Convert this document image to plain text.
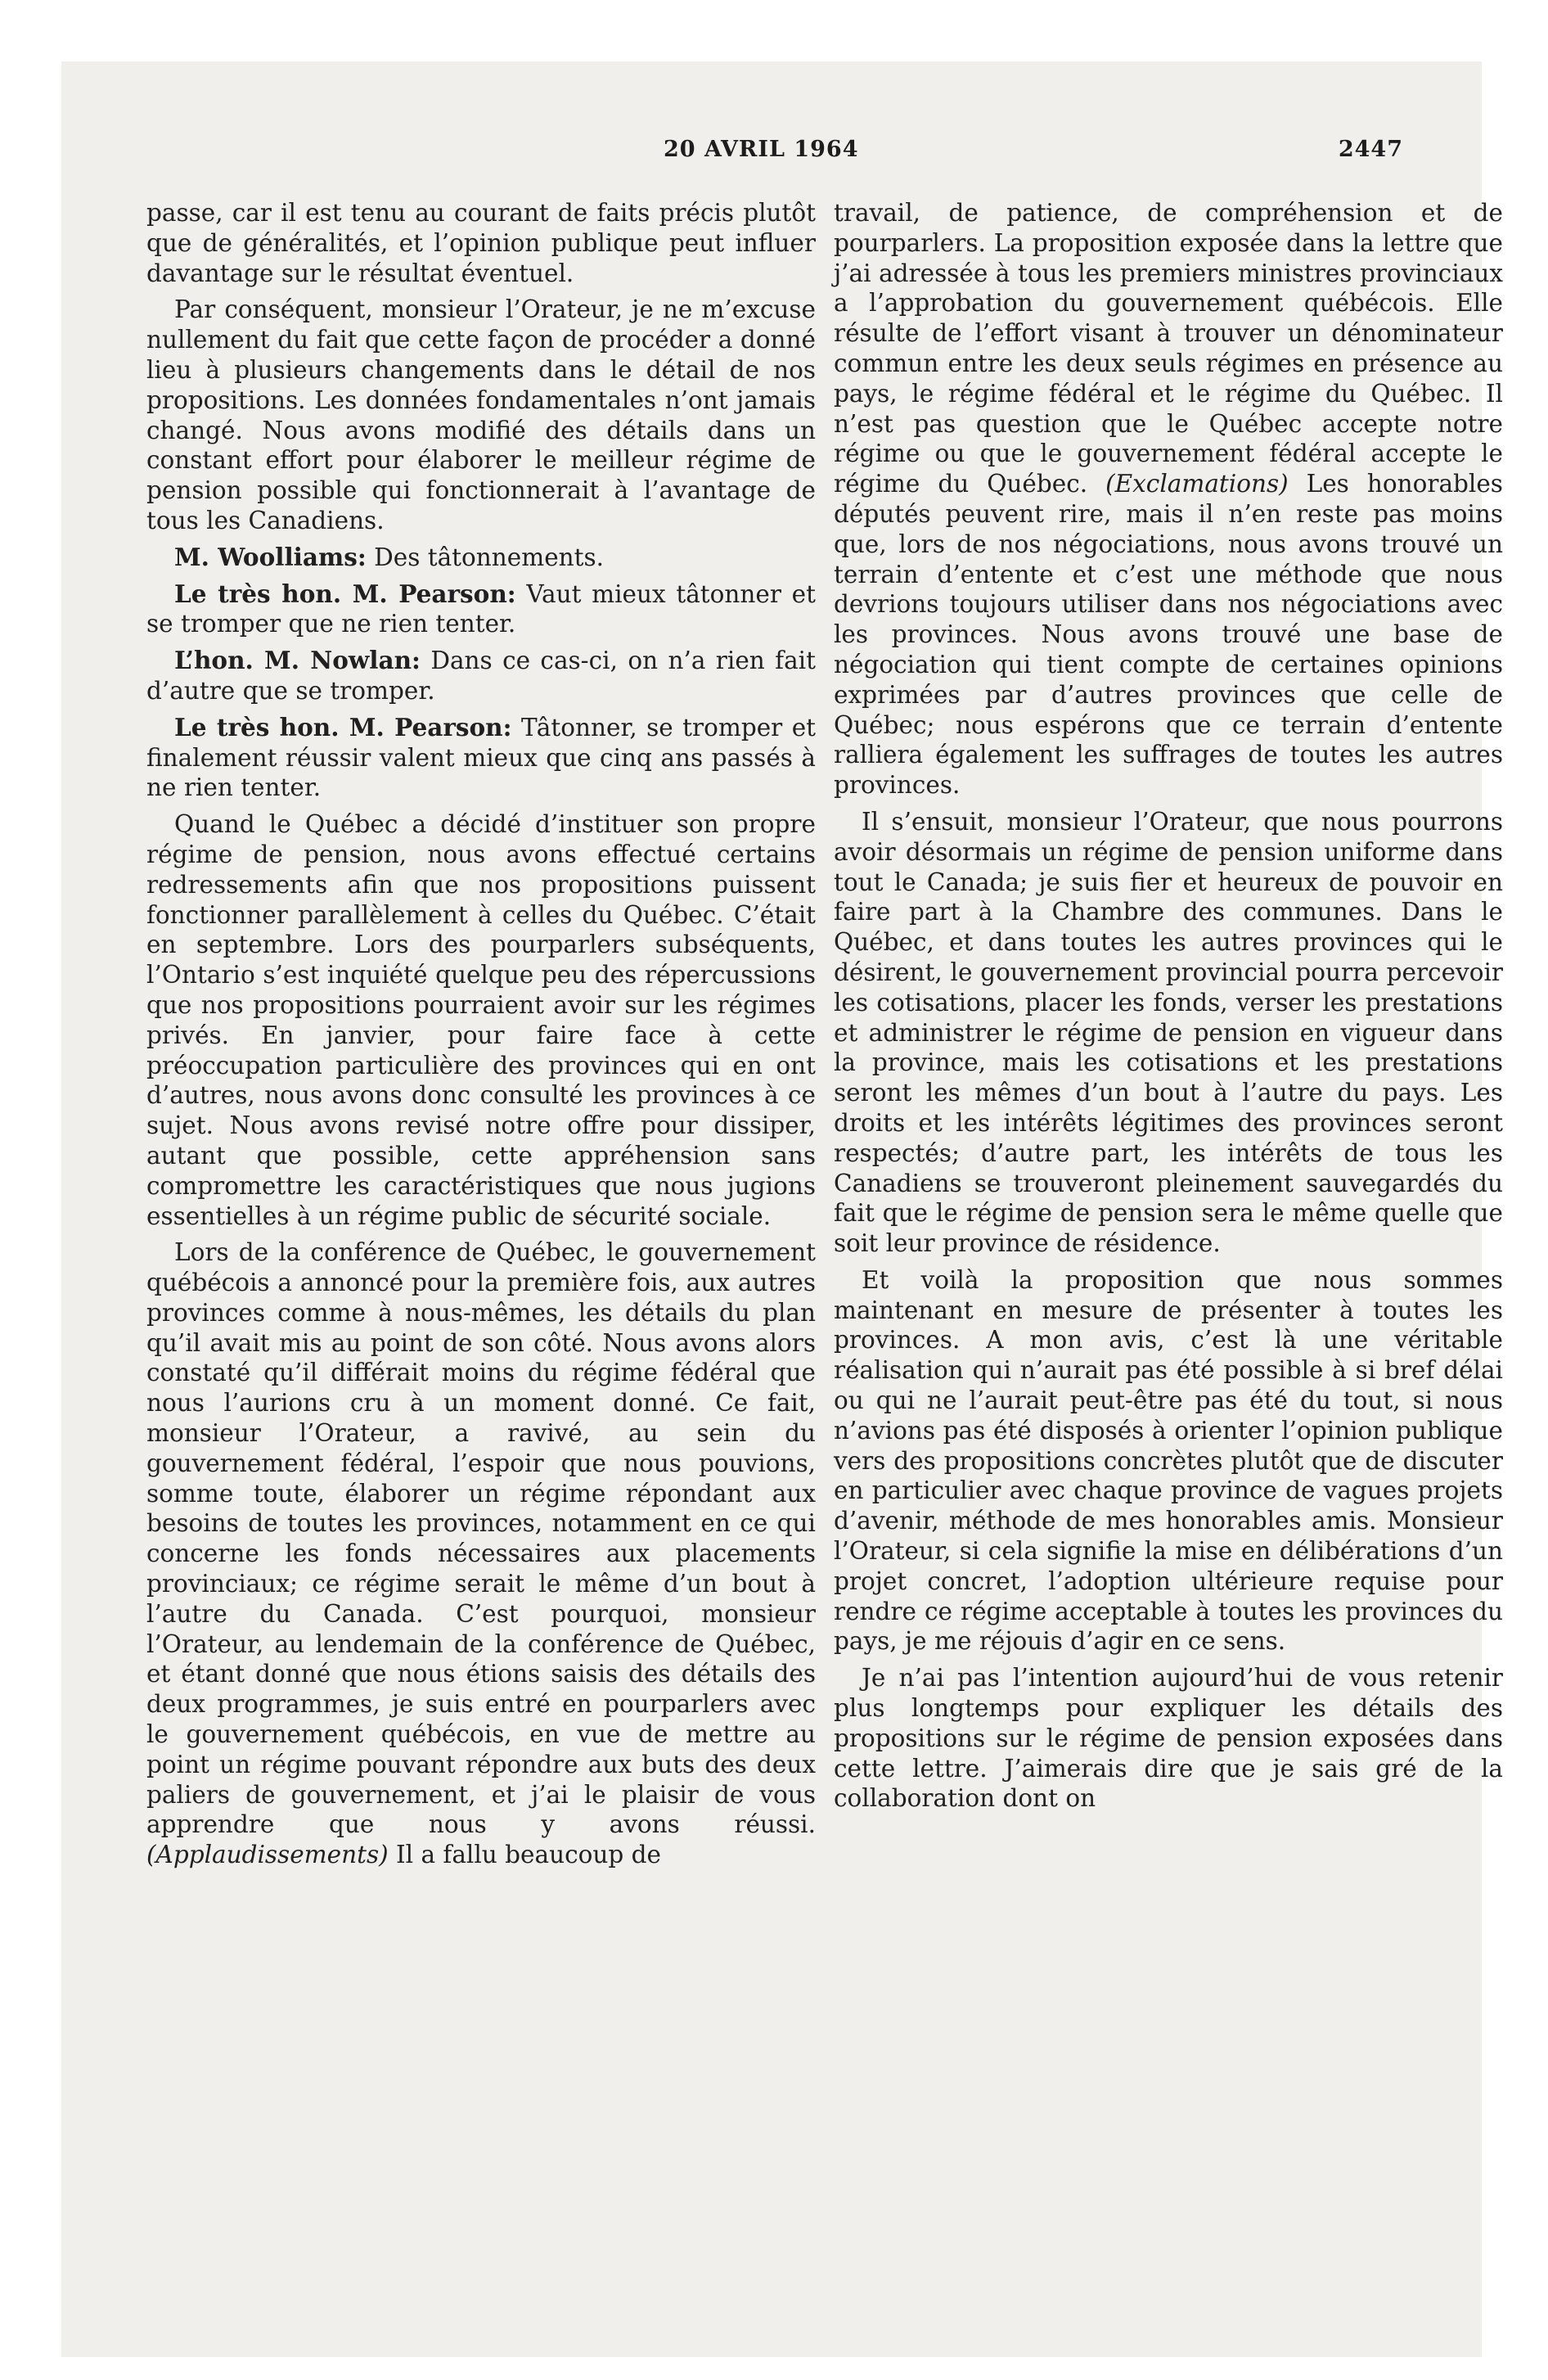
20 AVRIL 1964	2447

passe, car il est tenu au courant de faits précis plutôt que de généralités, et l’opinion publique peut influer davantage sur le résultat éventuel.

Par conséquent, monsieur l’Orateur, je ne m’excuse nullement du fait que cette façon de procéder a donné lieu à plusieurs changements dans le détail de nos propositions. Les données fondamentales n’ont jamais changé. Nous avons modifié des détails dans un constant effort pour élaborer le meilleur régime de pension possible qui fonctionnerait à l’avantage de tous les Canadiens.

M. Woolliams: Des tâtonnements.

Le très hon. M. Pearson: Vaut mieux tâtonner et se tromper que ne rien tenter.

L’hon. M. Nowlan: Dans ce cas-ci, on n’a rien fait d’autre que se tromper.

Le très hon. M. Pearson: Tâtonner, se tromper et finalement réussir valent mieux que cinq ans passés à ne rien tenter.

Quand le Québec a décidé d’instituer son propre régime de pension, nous avons effectué certains redressements afin que nos propositions puissent fonctionner parallèlement à celles du Québec. C’était en septembre. Lors des pourparlers subséquents, l’Ontario s’est inquiété quelque peu des répercussions que nos propositions pourraient avoir sur les régimes privés. En janvier, pour faire face à cette préoccupation particulière des provinces qui en ont d’autres, nous avons donc consulté les provinces à ce sujet. Nous avons revisé notre offre pour dissiper, autant que possible, cette appréhension sans compromettre les caractéristiques que nous jugions essentielles à un régime public de sécurité sociale.

Lors de la conférence de Québec, le gouvernement québécois a annoncé pour la première fois, aux autres provinces comme à nous-mêmes, les détails du plan qu’il avait mis au point de son côté. Nous avons alors constaté qu’il différait moins du régime fédéral que nous l’aurions cru à un moment donné. Ce fait, monsieur l’Orateur, a ravivé, au sein du gouvernement fédéral, l’espoir que nous pouvions, somme toute, élaborer un régime répondant aux besoins de toutes les provinces, notamment en ce qui concerne les fonds nécessaires aux placements provinciaux; ce régime serait le même d’un bout à l’autre du Canada. C’est pourquoi, monsieur l’Orateur, au lendemain de la conférence de Québec, et étant donné que nous étions saisis des détails des deux programmes, je suis entré en pourparlers avec le gouvernement québécois, en vue de mettre au point un régime pouvant répondre aux buts des deux paliers de gouvernement, et j’ai le plaisir de vous apprendre que nous y avons réussi. (Applaudissements) Il a fallu beaucoup de

travail, de patience, de compréhension et de pourparlers. La proposition exposée dans la lettre que j’ai adressée à tous les premiers ministres provinciaux a l’approbation du gouvernement québécois. Elle résulte de l’effort visant à trouver un dénominateur commun entre les deux seuls régimes en présence au pays, le régime fédéral et le régime du Québec. Il n’est pas question que le Québec accepte notre régime ou que le gouvernement fédéral accepte le régime du Québec. (Exclamations) Les honorables députés peuvent rire, mais il n’en reste pas moins que, lors de nos négociations, nous avons trouvé un terrain d’entente et c’est une méthode que nous devrions toujours utiliser dans nos négociations avec les provinces. Nous avons trouvé une base de négociation qui tient compte de certaines opinions exprimées par d’autres provinces que celle de Québec; nous espérons que ce terrain d’entente ralliera également les suffrages de toutes les autres provinces.

Il s’ensuit, monsieur l’Orateur, que nous pourrons avoir désormais un régime de pension uniforme dans tout le Canada; je suis fier et heureux de pouvoir en faire part à la Chambre des communes. Dans le Québec, et dans toutes les autres provinces qui le désirent, le gouvernement provincial pourra percevoir les cotisations, placer les fonds, verser les prestations et administrer le régime de pension en vigueur dans la province, mais les cotisations et les prestations seront les mêmes d’un bout à l’autre du pays. Les droits et les intérêts légitimes des provinces seront respectés; d’autre part, les intérêts de tous les Canadiens se trouveront pleinement sauvegardés du fait que le régime de pension sera le même quelle que soit leur province de résidence.

Et voilà la proposition que nous sommes maintenant en mesure de présenter à toutes les provinces. A mon avis, c’est là une véritable réalisation qui n’aurait pas été possible à si bref délai ou qui ne l’aurait peut-être pas été du tout, si nous n’avions pas été disposés à orienter l’opinion publique vers des propositions concrètes plutôt que de discuter en particulier avec chaque province de vagues projets d’avenir, méthode de mes honorables amis. Monsieur l’Orateur, si cela signifie la mise en délibérations d’un projet concret, l’adoption ultérieure requise pour rendre ce régime acceptable à toutes les provinces du pays, je me réjouis d’agir en ce sens.

Je n’ai pas l’intention aujourd’hui de vous retenir plus longtemps pour expliquer les détails des propositions sur le régime de pension exposées dans cette lettre. J’aimerais dire que je sais gré de la collaboration dont on
